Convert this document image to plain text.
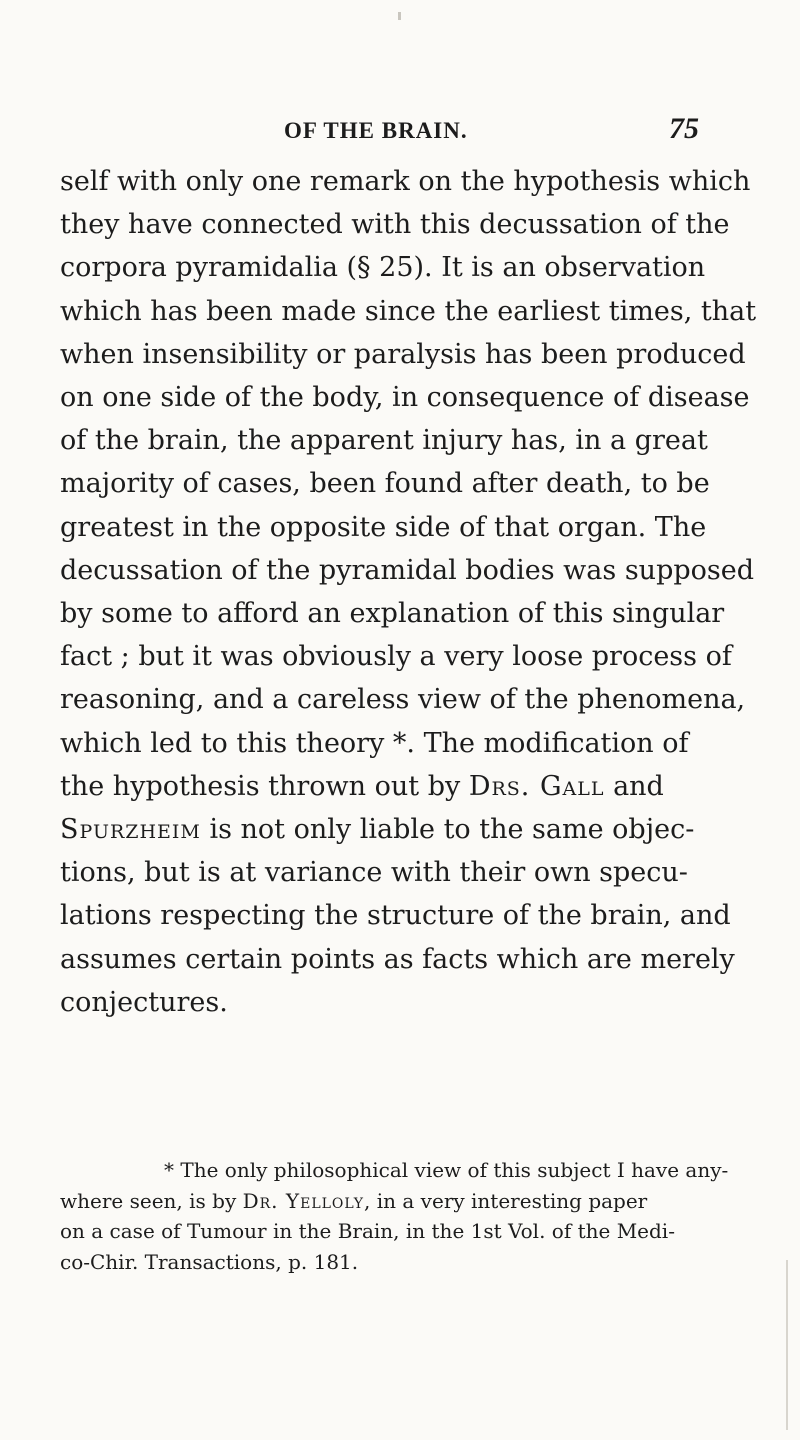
OF THE BRAIN.	75
self with only one remark on the hypothesis which
they have connected with this decussation of the
corpora pyramidalia (§ 25). It is an observation
which has been made since the earliest times, that
when insensibility or paralysis has been produced
on one side of the body, in consequence of disease
of the brain, the apparent injury has, in a great
majority of cases, been found after death, to be
greatest in the opposite side of that organ. The
decussation of the pyramidal bodies was supposed
by some to afford an explanation of this singular
fact ; but it was obviously a very loose process of
reasoning, and a careless view of the phenomena,
which led to this theory *. The modification of
the hypothesis thrown out by Drs. Gall and
Spurzheim is not only liable to the same objec-
tions, but is at variance with their own specu-
lations respecting the structure of the brain, and
assumes certain points as facts which are merely
conjectures.
* The only philosophical view of this subject I have any-
where seen, is by Dr. Yelloly, in a very interesting paper
on a case of Tumour in the Brain, in the 1st Vol. of the Medi-
co-Chir. Transactions, p. 181.
